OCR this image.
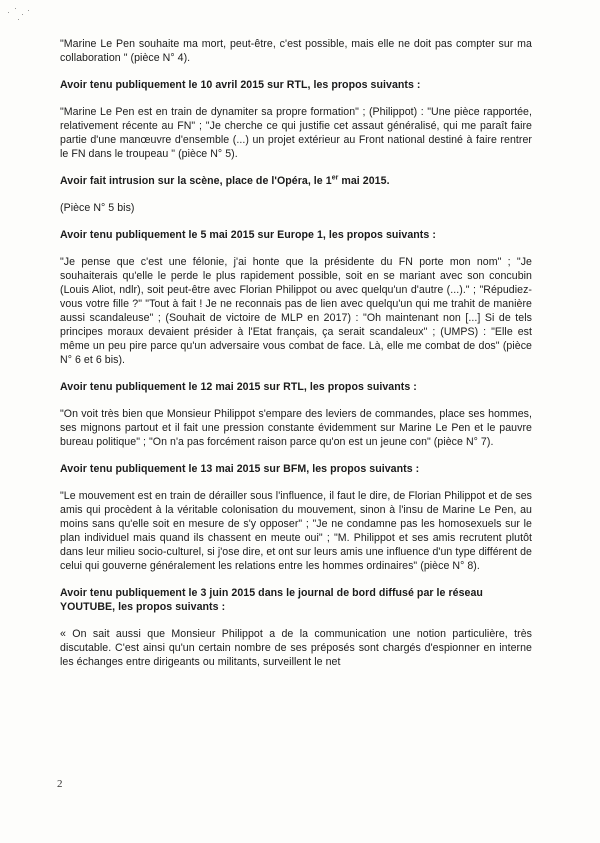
"Marine Le Pen souhaite ma mort, peut-être, c'est possible, mais elle ne doit pas compter sur ma collaboration " (pièce N° 4).

Avoir tenu publiquement le 10 avril 2015 sur RTL, les propos suivants :

"Marine Le Pen est en train de dynamiter sa propre formation" ; (Philippot) : "Une pièce rapportée, relativement récente au FN" ; "Je cherche ce qui justifie cet assaut généralisé, qui me paraît faire partie d'une manœuvre d'ensemble (...) un projet extérieur au Front national destiné à faire rentrer le FN dans le troupeau " (pièce N° 5).

Avoir fait intrusion sur la scène, place de l'Opéra, le 1er mai 2015.

(Pièce N° 5 bis)

Avoir tenu publiquement le 5 mai 2015 sur Europe 1, les propos suivants :

"Je pense que c'est une félonie, j'ai honte que la présidente du FN porte mon nom" ; "Je souhaiterais qu'elle le perde le plus rapidement possible, soit en se mariant avec son concubin (Louis Aliot, ndlr), soit peut-être avec Florian Philippot ou avec quelqu'un d'autre (...)." ; "Répudiez-vous votre fille ?" "Tout à fait ! Je ne reconnais pas de lien avec quelqu'un qui me trahit de manière aussi scandaleuse" ; (Souhait de victoire de MLP en 2017) : "Oh maintenant non [...] Si de tels principes moraux devaient présider à l'Etat français, ça serait scandaleux" ; (UMPS) : "Elle est même un peu pire parce qu'un adversaire vous combat de face. Là, elle me combat de dos" (pièce N° 6 et 6 bis).

Avoir tenu publiquement le 12 mai 2015 sur RTL, les propos suivants :

"On voit très bien que Monsieur Philippot s'empare des leviers de commandes, place ses hommes, ses mignons partout et il fait une pression constante évidemment sur Marine Le Pen et le pauvre bureau politique" ; "On n'a pas forcément raison parce qu'on est un jeune con" (pièce N° 7).

Avoir tenu publiquement le 13 mai 2015 sur BFM, les propos suivants :

"Le mouvement est en train de dérailler sous l'influence, il faut le dire, de Florian Philippot et de ses amis qui procèdent à la véritable colonisation du mouvement, sinon à l'insu de Marine Le Pen, au moins sans qu'elle soit en mesure de s'y opposer" ; "Je ne condamne pas les homosexuels sur le plan individuel mais quand ils chassent en meute oui" ; "M. Philippot et ses amis recrutent plutôt dans leur milieu socio-culturel, si j'ose dire, et ont sur leurs amis une influence d'un type différent de celui qui gouverne généralement les relations entre les hommes ordinaires" (pièce N° 8).

Avoir tenu publiquement le 3 juin 2015 dans le journal de bord diffusé par le réseau YOUTUBE, les propos suivants :

« On sait aussi que Monsieur Philippot a de la communication une notion particulière, très discutable. C'est ainsi qu'un certain nombre de ses préposés sont chargés d'espionner en interne les échanges entre dirigeants ou militants, surveillent le net

2
